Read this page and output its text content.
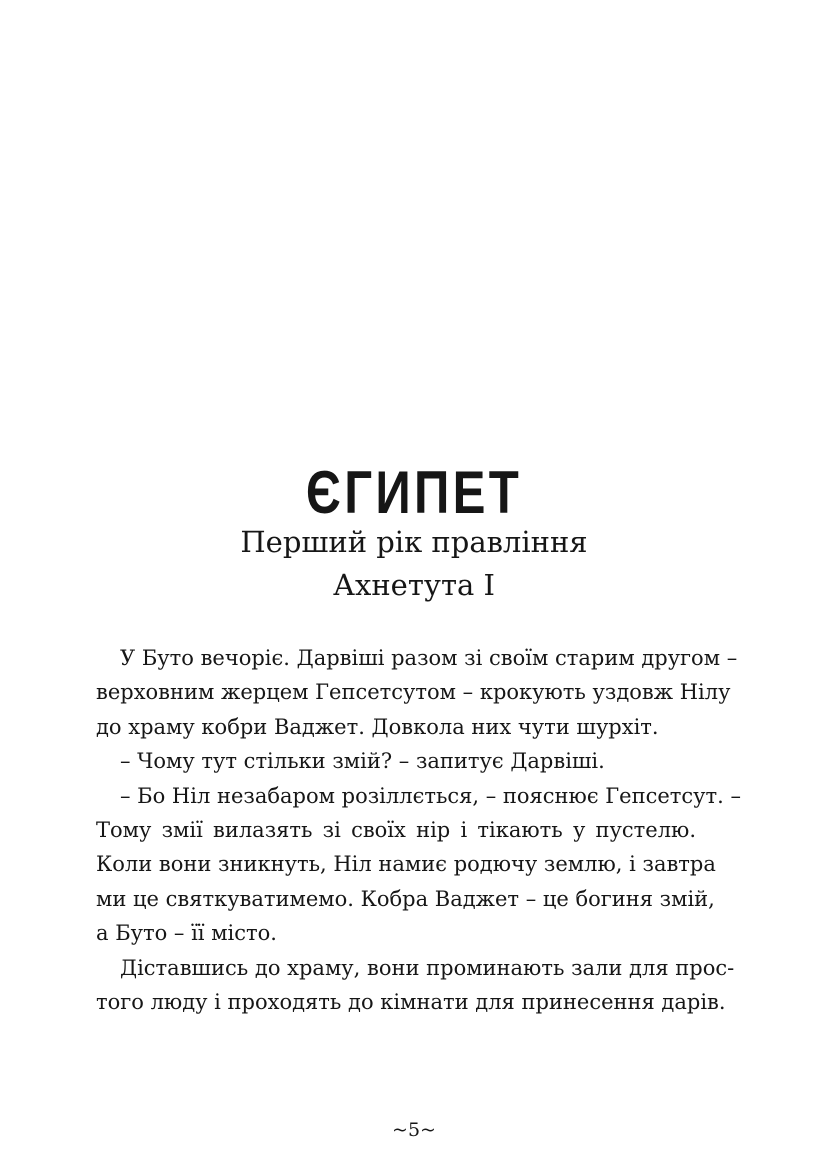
ЄГИПЕТ
Перший рік правління
Ахнетута І
У Буто вечоріє. Дарвіші разом зі своїм старим другом –
верховним жерцем Гепсетсутом – крокують уздовж Нілу
до храму кобри Ваджет. Довкола них чути шурхіт.
– Чому тут стільки змій? – запитує Дарвіші.
– Бо Ніл незабаром розіллється, – пояснює Гепсетсут. –
Тому змії вилазять зі своїх нір і тікають у пустелю.
Коли вони зникнуть, Ніл намиє родючу землю, і завтра
ми це святкуватимемо. Кобра Ваджет – це богиня змій,
а Буто – її місто.
Діставшись до храму, вони проминають зали для прос-
того люду і проходять до кімнати для принесення дарів.
~5~
